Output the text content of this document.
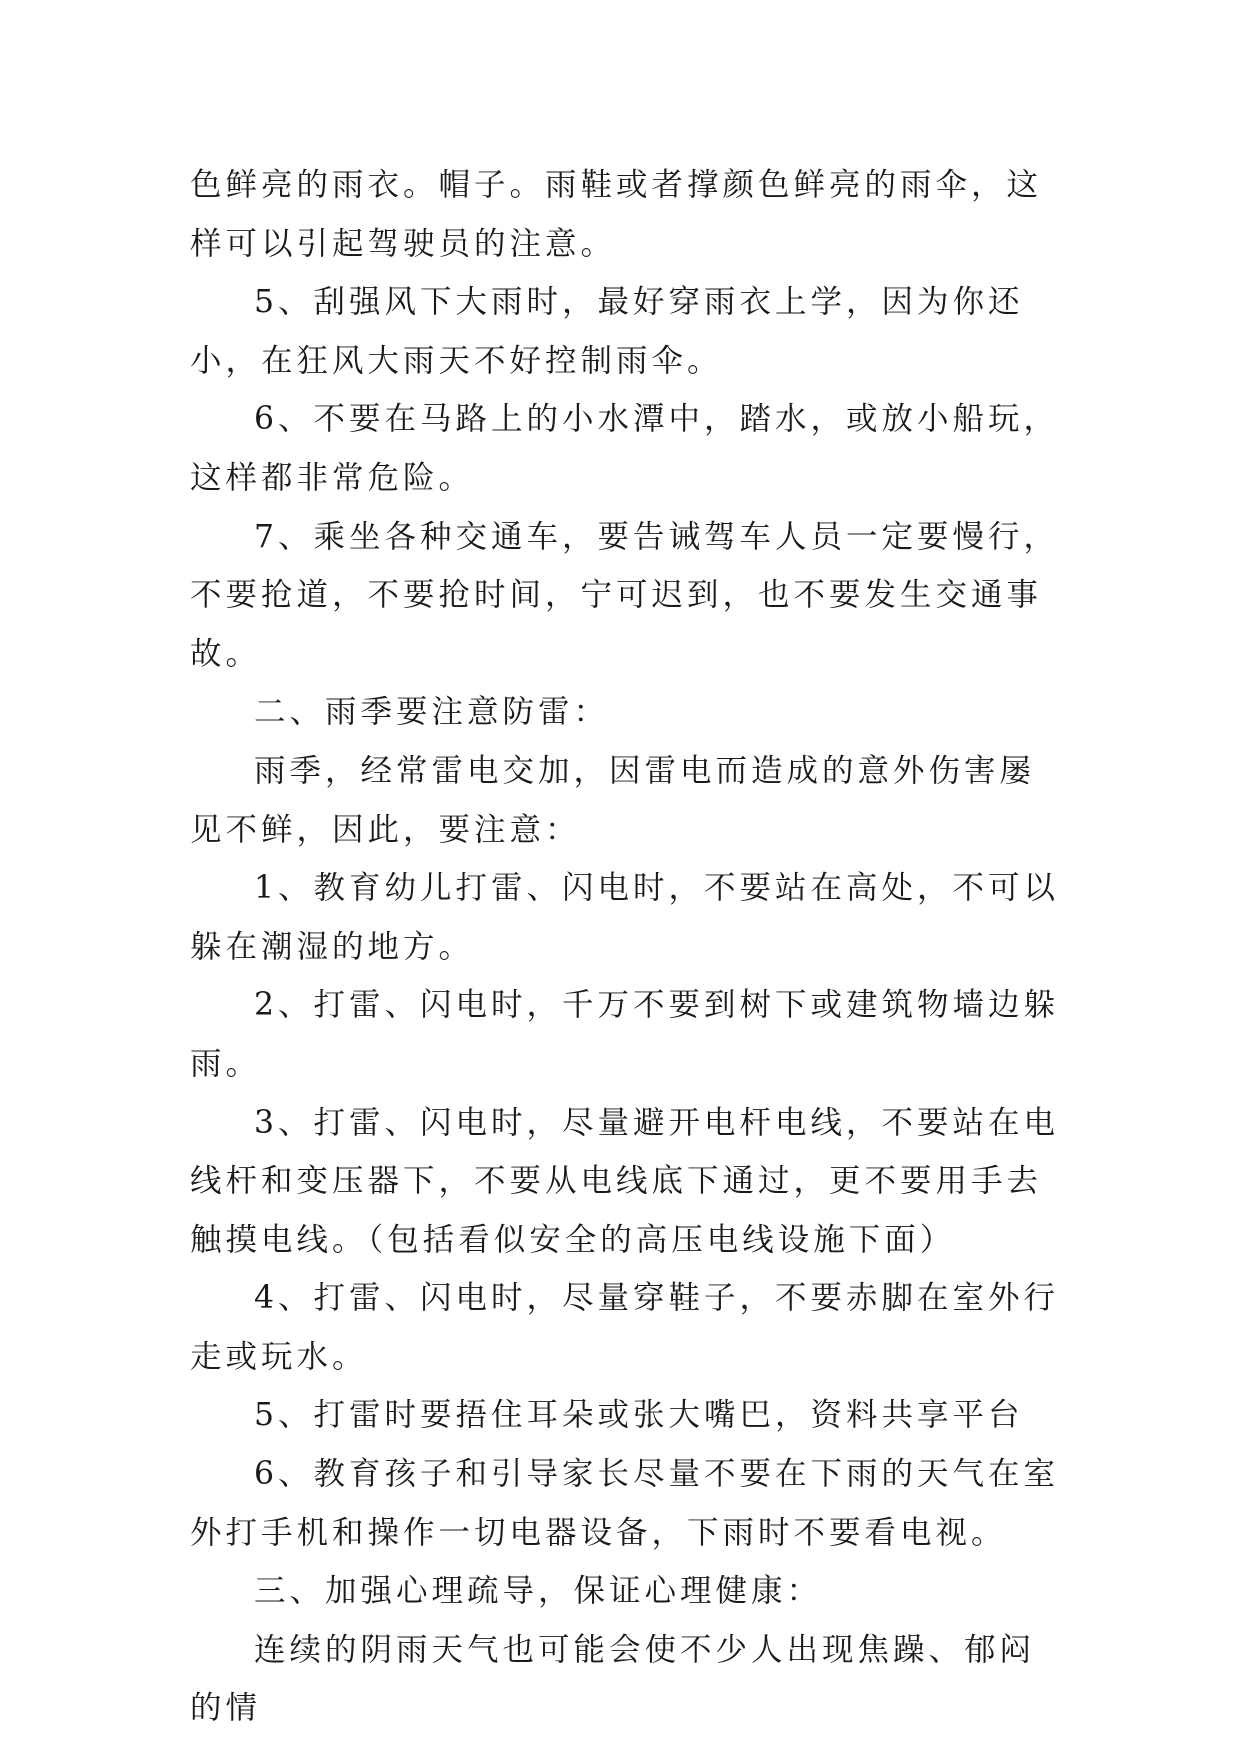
色鲜亮的雨衣。帽子。雨鞋或者撑颜色鲜亮的雨伞，这样可以引起驾驶员的注意。

5、刮强风下大雨时，最好穿雨衣上学，因为你还小，在狂风大雨天不好控制雨伞。

6、不要在马路上的小水潭中，踏水，或放小船玩，这样都非常危险。

7、乘坐各种交通车，要告诫驾车人员一定要慢行，不要抢道，不要抢时间，宁可迟到，也不要发生交通事故。

二、雨季要注意防雷：

雨季，经常雷电交加，因雷电而造成的意外伤害屡见不鲜，因此，要注意：

1、教育幼儿打雷、闪电时，不要站在高处，不可以躲在潮湿的地方。

2、打雷、闪电时，千万不要到树下或建筑物墙边躲雨。

3、打雷、闪电时，尽量避开电杆电线，不要站在电线杆和变压器下，不要从电线底下通过，更不要用手去触摸电线。（包括看似安全的高压电线设施下面）

4、打雷、闪电时，尽量穿鞋子，不要赤脚在室外行走或玩水。

5、打雷时要捂住耳朵或张大嘴巴，资料共享平台

6、教育孩子和引导家长尽量不要在下雨的天气在室外打手机和操作一切电器设备，下雨时不要看电视。

三、加强心理疏导，保证心理健康：

连续的阴雨天气也可能会使不少人出现焦躁、郁闷的情
